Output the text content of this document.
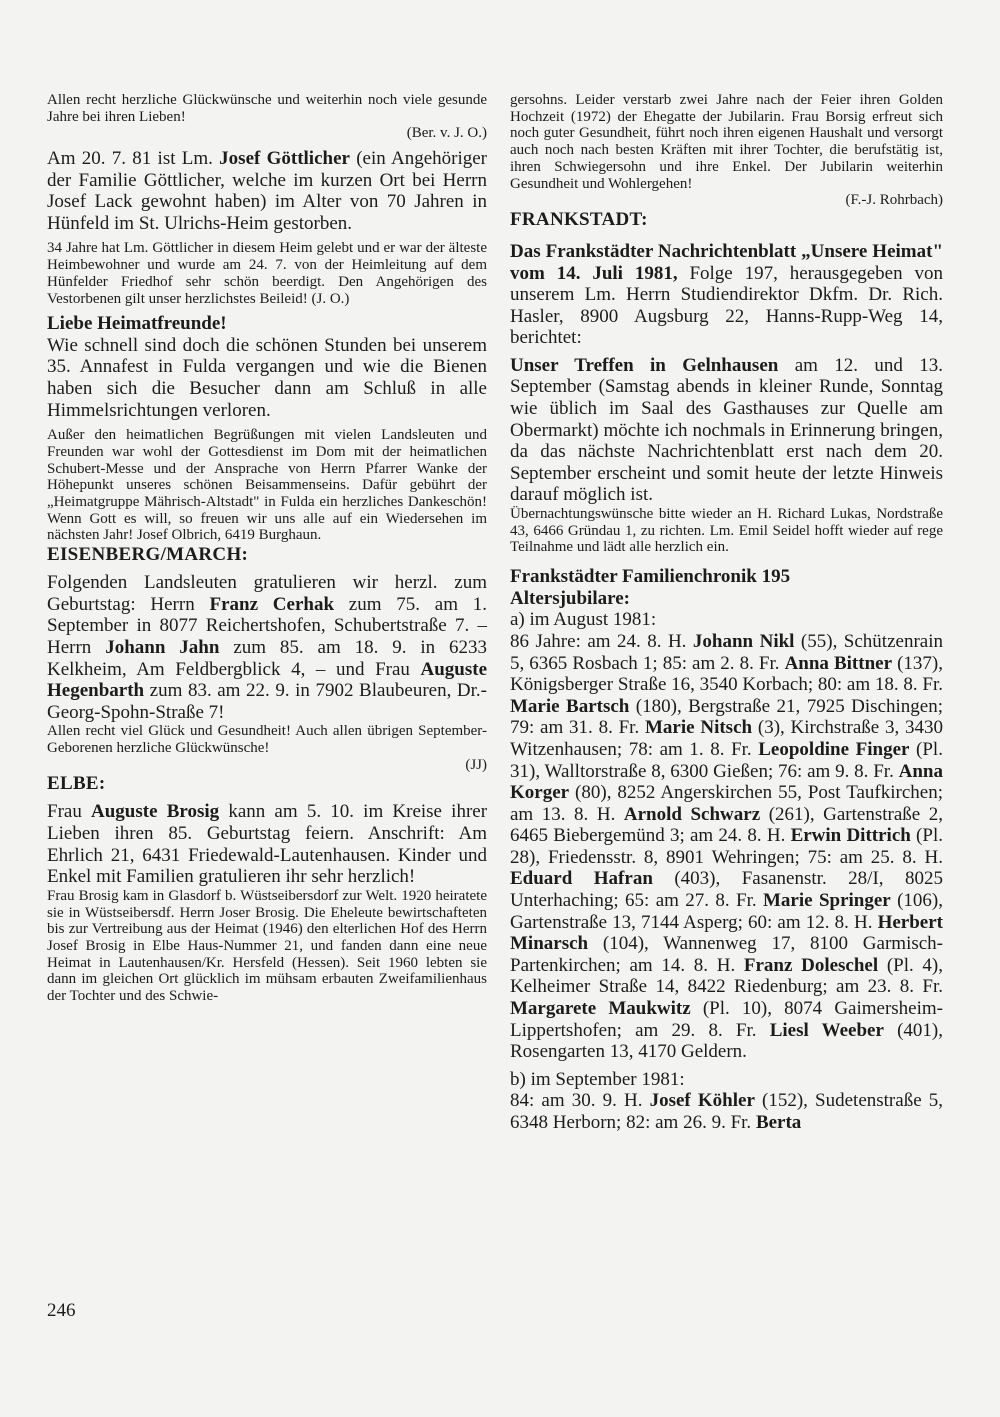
Allen recht herzliche Glückwünsche und weiterhin noch viele gesunde Jahre bei ihren Lieben!

(Ber. v. J. O.)

Am 20. 7. 81 ist Lm. Josef Göttlicher (ein Angehöriger der Familie Göttlicher, welche im kurzen Ort bei Herrn Josef Lack gewohnt haben) im Alter von 70 Jahren in Hünfeld im St. Ulrichs-Heim gestorben.

34 Jahre hat Lm. Göttlicher in diesem Heim gelebt und er war der älteste Heimbewohner und wurde am 24. 7. von der Heimleitung auf dem Hünfelder Friedhof sehr schön beerdigt. Den Angehörigen des Vestorbenen gilt unser herzlichstes Beileid! (J. O.)

Liebe Heimatfreunde!

Wie schnell sind doch die schönen Stunden bei unserem 35. Annafest in Fulda vergangen und wie die Bienen haben sich die Besucher dann am Schluß in alle Himmelsrichtungen verloren.

Außer den heimatlichen Begrüßungen mit vielen Landsleuten und Freunden war wohl der Gottesdienst im Dom mit der heimatlichen Schubert-Messe und der Ansprache von Herrn Pfarrer Wanke der Höhepunkt unseres schönen Beisammenseins. Dafür gebührt der „Heimatgruppe Mährisch-Altstadt" in Fulda ein herzliches Dankeschön! Wenn Gott es will, so freuen wir uns alle auf ein Wiedersehen im nächsten Jahr! Josef Olbrich, 6419 Burghaun.

EISENBERG/MARCH:

Folgenden Landsleuten gratulieren wir herzl. zum Geburtstag: Herrn Franz Cerhak zum 75. am 1. September in 8077 Reichertshofen, Schubertstraße 7. – Herrn Johann Jahn zum 85. am 18. 9. in 6233 Kelkheim, Am Feldbergblick 4, – und Frau Auguste Hegenbarth zum 83. am 22. 9. in 7902 Blaubeuren, Dr.-Georg-Spohn-Straße 7!

Allen recht viel Glück und Gesundheit! Auch allen übrigen September-Geborenen herzliche Glückwünsche!

(JJ)

ELBE:

Frau Auguste Brosig kann am 5. 10. im Kreise ihrer Lieben ihren 85. Geburtstag feiern. Anschrift: Am Ehrlich 21, 6431 Friedewald-Lautenhausen. Kinder und Enkel mit Familien gratulieren ihr sehr herzlich!

Frau Brosig kam in Glasdorf b. Wüstseibersdorf zur Welt. 1920 heiratete sie in Wüstseibersdf. Herrn Joser Brosig. Die Eheleute bewirtschafteten bis zur Vertreibung aus der Heimat (1946) den elterlichen Hof des Herrn Josef Brosig in Elbe Haus-Nummer 21, und fanden dann eine neue Heimat in Lautenhausen/Kr. Hersfeld (Hessen). Seit 1960 lebten sie dann im gleichen Ort glücklich im mühsam erbauten Zweifamilienhaus der Tochter und des Schwie-

gersohns. Leider verstarb zwei Jahre nach der Feier ihren Golden Hochzeit (1972) der Ehegatte der Jubilarin. Frau Borsig erfreut sich noch guter Gesundheit, führt noch ihren eigenen Haushalt und versorgt auch noch nach besten Kräften mit ihrer Tochter, die berufstätig ist, ihren Schwiegersohn und ihre Enkel. Der Jubilarin weiterhin Gesundheit und Wohlergehen!

(F.-J. Rohrbach)

FRANKSTADT:

Das Frankstädter Nachrichtenblatt „Unsere Heimat" vom 14. Juli 1981, Folge 197, herausgegeben von unserem Lm. Herrn Studiendirektor Dkfm. Dr. Rich. Hasler, 8900 Augsburg 22, Hanns-Rupp-Weg 14, berichtet:

Unser Treffen in Gelnhausen am 12. und 13. September (Samstag abends in kleiner Runde, Sonntag wie üblich im Saal des Gasthauses zur Quelle am Obermarkt) möchte ich nochmals in Erinnerung bringen, da das nächste Nachrichtenblatt erst nach dem 20. September erscheint und somit heute der letzte Hinweis darauf möglich ist.

Übernachtungswünsche bitte wieder an H. Richard Lukas, Nordstraße 43, 6466 Gründau 1, zu richten. Lm. Emil Seidel hofft wieder auf rege Teilnahme und lädt alle herzlich ein.

Frankstädter Familienchronik 195

Altersjubilare:

a) im August 1981:

86 Jahre: am 24. 8. H. Johann Nikl (55), Schützenrain 5, 6365 Rosbach 1; 85: am 2. 8. Fr. Anna Bittner (137), Königsberger Straße 16, 3540 Korbach; 80: am 18. 8. Fr. Marie Bartsch (180), Bergstraße 21, 7925 Dischingen; 79: am 31. 8. Fr. Marie Nitsch (3), Kirchstraße 3, 3430 Witzenhausen; 78: am 1. 8. Fr. Leopoldine Finger (Pl. 31), Walltorstraße 8, 6300 Gießen; 76: am 9. 8. Fr. Anna Korger (80), 8252 Angerskirchen 55, Post Taufkirchen; am 13. 8. H. Arnold Schwarz (261), Gartenstraße 2, 6465 Biebergemünd 3; am 24. 8. H. Erwin Dittrich (Pl. 28), Friedensstr. 8, 8901 Wehringen; 75: am 25. 8. H. Eduard Hafran (403), Fasanenstr. 28/I, 8025 Unterhaching; 65: am 27. 8. Fr. Marie Springer (106), Gartenstraße 13, 7144 Asperg; 60: am 12. 8. H. Herbert Minarsch (104), Wannenweg 17, 8100 Garmisch-Partenkirchen; am 14. 8. H. Franz Doleschel (Pl. 4), Kelheimer Straße 14, 8422 Riedenburg; am 23. 8. Fr. Margarete Maukwitz (Pl. 10), 8074 Gaimersheim-Lippertshofen; am 29. 8. Fr. Liesl Weeber (401), Rosengarten 13, 4170 Geldern.

b) im September 1981:

84: am 30. 9. H. Josef Köhler (152), Sudetenstraße 5, 6348 Herborn; 82: am 26. 9. Fr. Berta

246
